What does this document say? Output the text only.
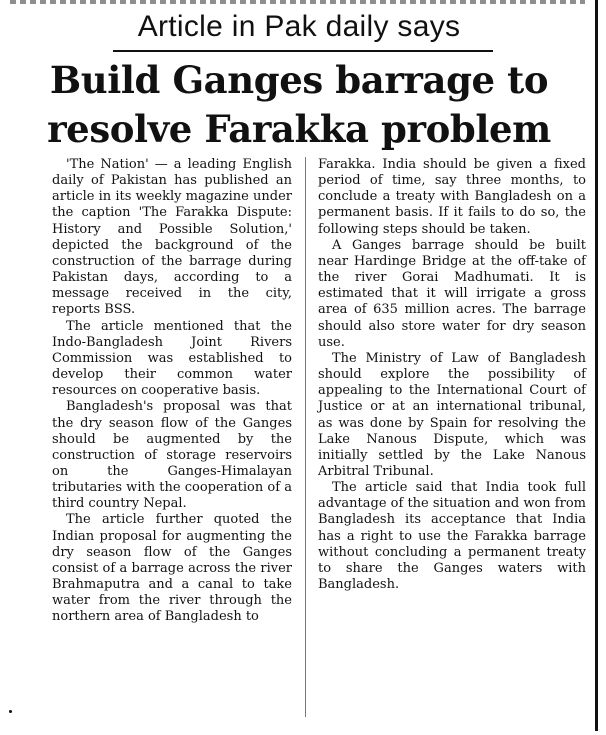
Article in Pak daily says
Build Ganges barrage to
resolve Farakka problem

'The Nation' — a leading English daily of Pakistan has published an article in its weekly magazine under the caption 'The Farakka Dispute: History and Possible Solution,' depicted the background of the construction of the barrage during Pakistan days, according to a message received in the city, reports BSS.

The article mentioned that the Indo-Bangladesh Joint Rivers Commission was established to develop their common water resources on cooperative basis.

Bangladesh's proposal was that the dry season flow of the Ganges should be augmented by the construction of storage reservoirs on the Ganges-Himalayan tributaries with the cooperation of a third country Nepal.

The article further quoted the Indian proposal for augmenting the dry season flow of the Ganges consist of a barrage across the river Brahmaputra and a canal to take water from the river through the northern area of Bangladesh to

Farakka. India should be given a fixed period of time, say three months, to conclude a treaty with Bangladesh on a permanent basis. If it fails to do so, the following steps should be taken.

A Ganges barrage should be built near Hardinge Bridge at the off-take of the river Gorai Madhumati. It is estimated that it will irrigate a gross area of 635 million acres. The barrage should also store water for dry season use.

The Ministry of Law of Bangladesh should explore the possibility of appealing to the International Court of Justice or at an international tribunal, as was done by Spain for resolving the Lake Nanous Dispute, which was initially settled by the Lake Nanous Arbitral Tribunal.

The article said that India took full advantage of the situation and won from Bangladesh its acceptance that India has a right to use the Farakka barrage without concluding a permanent treaty to share the Ganges waters with Bangladesh.
